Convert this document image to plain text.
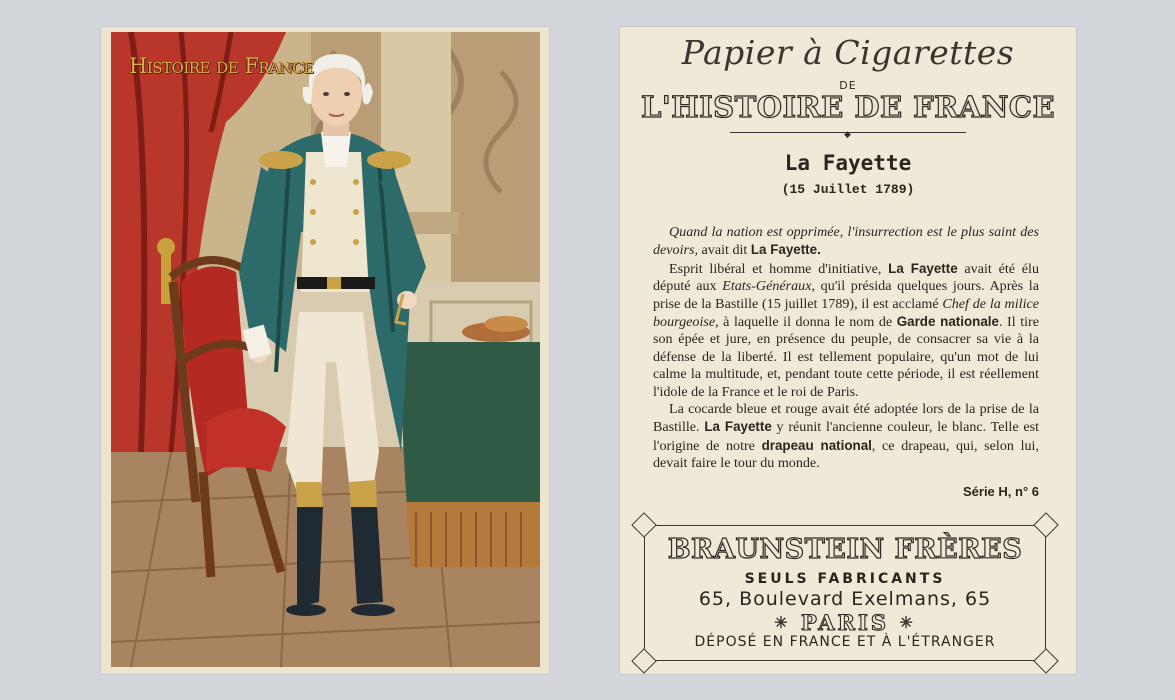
Histoire de France	Papier à Cigarettes
DE
L'HISTOIRE DE FRANCE
◆
La Fayette
(15 Juillet 1789)

Quand la nation est opprimée, l'insurrection est le plus saint des devoirs, avait dit La Fayette.

Esprit libéral et homme d'initiative, La Fayette avait été élu député aux Etats-Généraux, qu'il présida quelques jours. Après la prise de la Bastille (15 juillet 1789), il est acclamé Chef de la milice bourgeoise, à laquelle il donna le nom de Garde nationale. Il tire son épée et jure, en présence du peuple, de consacrer sa vie à la défense de la liberté. Il est tellement populaire, qu'un mot de lui calme la multitude, et, pendant toute cette période, il est réellement l'idole de la France et le roi de Paris.

La cocarde bleue et rouge avait été adoptée lors de la prise de la Bastille. La Fayette y réunit l'ancienne couleur, le blanc. Telle est l'origine de notre drapeau national, ce drapeau, qui, selon lui, devait faire le tour du monde.

Série H, n° 6
BRAUNSTEIN FRÈRES
SEULS FABRICANTS
65, Boulevard Exelmans, 65
✳ PARIS ✳
DÉPOSÉ EN FRANCE ET À L'ÉTRANGER
